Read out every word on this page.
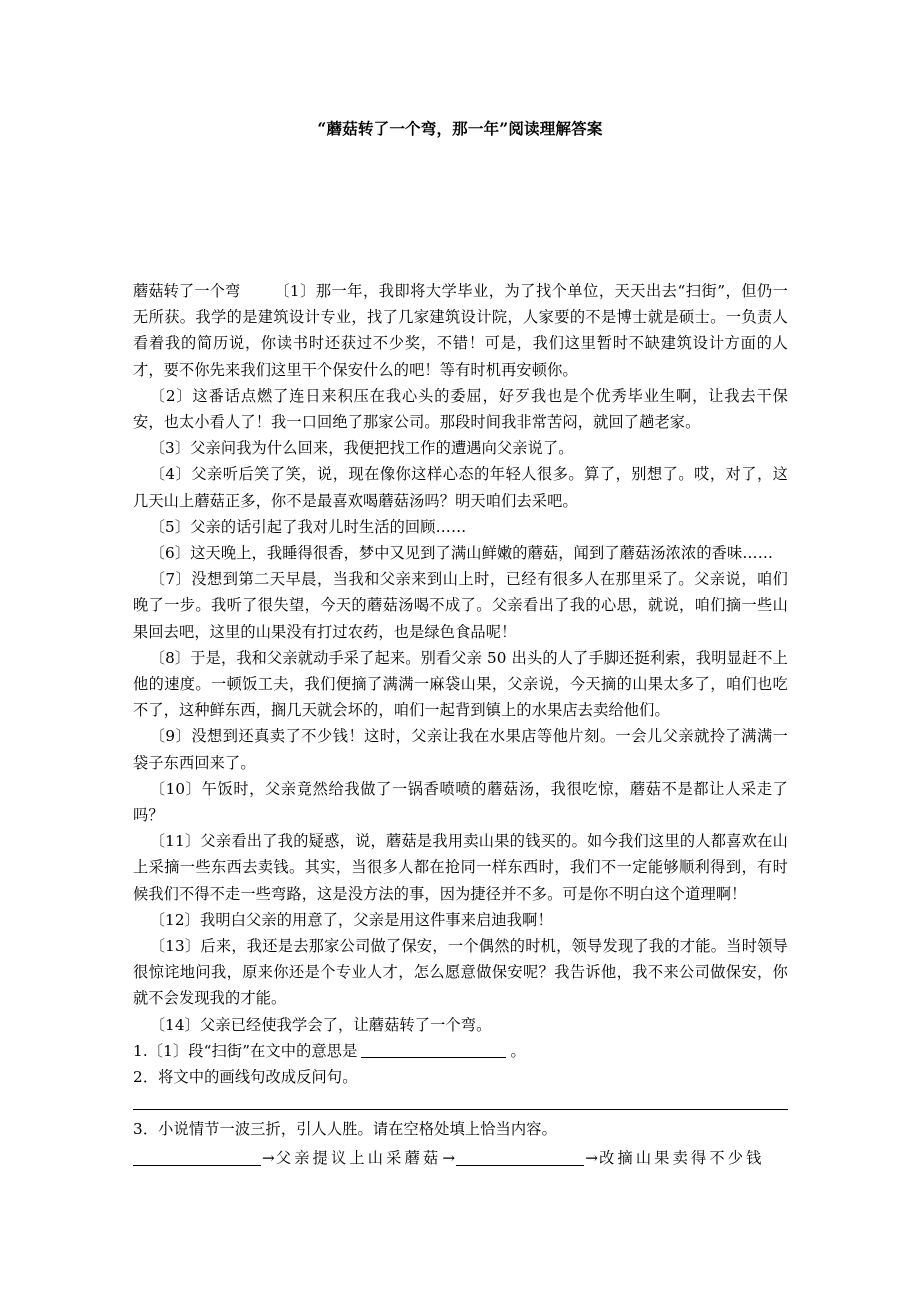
“蘑菇转了一个弯，那一年”阅读理解答案

蘑菇转了一个弯 〔1〕那一年，我即将大学毕业，为了找个单位，天天出去“扫街”，但仍一无所获。我学的是建筑设计专业，找了几家建筑设计院，人家要的不是博士就是硕士。一负责人看着我的简历说，你读书时还获过不少奖，不错！可是，我们这里暂时不缺建筑设计方面的人才，要不你先来我们这里干个保安什么的吧！等有时机再安顿你。

〔2〕这番话点燃了连日来积压在我心头的委屈，好歹我也是个优秀毕业生啊，让我去干保安，也太小看人了！我一口回绝了那家公司。那段时间我非常苦闷，就回了趟老家。

〔3〕父亲问我为什么回来，我便把找工作的遭遇向父亲说了。

〔4〕父亲听后笑了笑，说，现在像你这样心态的年轻人很多。算了，别想了。哎，对了，这几天山上蘑菇正多，你不是最喜欢喝蘑菇汤吗？明天咱们去采吧。

〔5〕父亲的话引起了我对儿时生活的回顾……

〔6〕这天晚上，我睡得很香，梦中又见到了满山鲜嫩的蘑菇，闻到了蘑菇汤浓浓的香味……

〔7〕没想到第二天早晨，当我和父亲来到山上时，已经有很多人在那里采了。父亲说，咱们晚了一步。我听了很失望，今天的蘑菇汤喝不成了。父亲看出了我的心思，就说，咱们摘一些山果回去吧，这里的山果没有打过农药，也是绿色食品呢！

〔8〕于是，我和父亲就动手采了起来。别看父亲 50 出头的人了手脚还挺利索，我明显赶不上他的速度。一顿饭工夫，我们便摘了满满一麻袋山果，父亲说，今天摘的山果太多了，咱们也吃不了，这种鲜东西，搁几天就会坏的，咱们一起背到镇上的水果店去卖给他们。

〔9〕没想到还真卖了不少钱！这时，父亲让我在水果店等他片刻。一会儿父亲就拎了满满一袋子东西回来了。

〔10〕午饭时，父亲竟然给我做了一锅香喷喷的蘑菇汤，我很吃惊，蘑菇不是都让人采走了吗？

〔11〕父亲看出了我的疑惑，说，蘑菇是我用卖山果的钱买的。如今我们这里的人都喜欢在山上采摘一些东西去卖钱。其实，当很多人都在抢同一样东西时，我们不一定能够顺利得到，有时候我们不得不走一些弯路，这是没方法的事，因为捷径并不多。可是你不明白这个道理啊！

〔12〕我明白父亲的用意了，父亲是用这件事来启迪我啊！

〔13〕后来，我还是去那家公司做了保安，一个偶然的时机，领导发现了我的才能。当时领导很惊诧地问我，原来你还是个专业人才，怎么愿意做保安呢？我告诉他，我不来公司做保安，你就不会发现我的才能。

〔14〕父亲已经使我学会了，让蘑菇转了一个弯。

1.〔1〕段“扫街”在文中的意思是	。

2．将文中的画线句改成反问句。

3．小说情节一波三折，引人人胜。请在空格处填上恰当内容。

→父亲提议上山采蘑菇→	→改摘山果卖得不少钱
